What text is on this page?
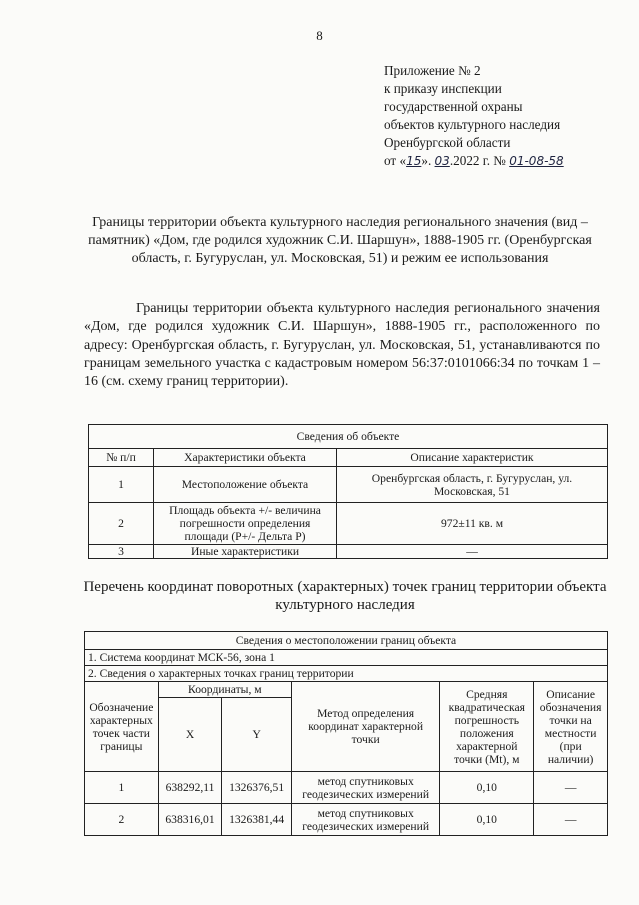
8
Приложение № 2
к приказу инспекции
государственной охраны
объектов культурного наследия
Оренбургской области
от «15». 03.2022 г. № 01-08-58
Границы территории объекта культурного наследия регионального значения (вид – памятник) «Дом, где родился художник С.И. Шаршун», 1888-1905 гг. (Оренбургская область, г. Бугуруслан, ул. Московская, 51) и режим ее использования

Границы территории объекта культурного наследия регионального значения «Дом, где родился художник С.И. Шаршун», 1888-1905 гг., расположенного по адресу: Оренбургская область, г. Бугуруслан, ул. Московская, 51, устанавливаются по границам земельного участка с кадастровым номером 56:37:0101066:34 по точкам 1 – 16 (см. схему границ территории).

Сведения об объекте		
№ п/п	Характеристики объекта	Описание характеристик
1	Местоположение объекта	Оренбургская область, г. Бугуруслан, ул. Московская, 51
2	Площадь объекта +/- величина погрешности определения площади (P+/- Дельта P)	972±11 кв. м
3	Иные характеристики	—
Перечень координат поворотных (характерных) точек границ территории объекта культурного наследия
Сведения о местоположении границ объекта					
1. Система координат МСК-56, зона 1					
2. Сведения о характерных точках границ территории					
Обозначение характерных точек части границы	Координаты, м		Метод определения координат характерной точки	Средняя квадратическая погрешность положения характерной точки (Mt), м	Описание обозначения точки на местности (при наличии)
	X	Y			
1	638292,11	1326376,51	метод спутниковых геодезических измерений	0,10	—
2	638316,01	1326381,44	метод спутниковых геодезических измерений	0,10	—
